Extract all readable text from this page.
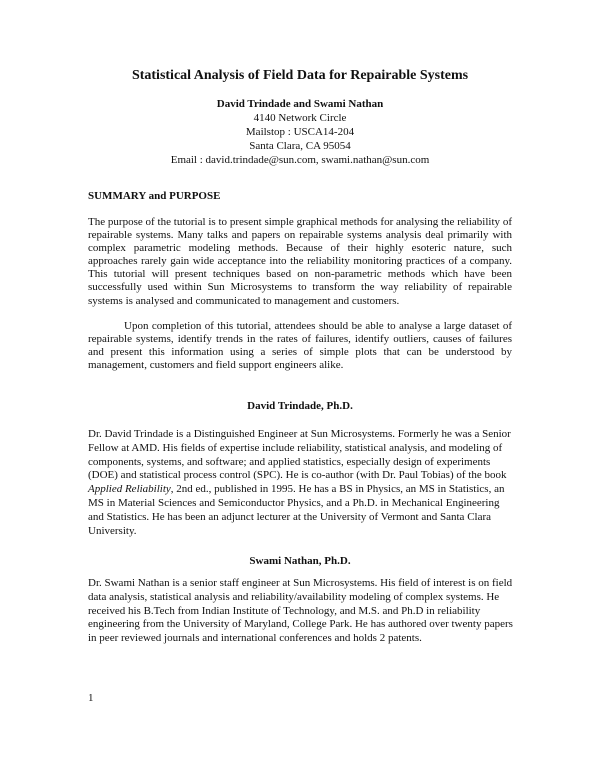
Statistical Analysis of Field Data for Repairable Systems
David Trindade and Swami Nathan
4140 Network Circle
Mailstop : USCA14-204
Santa Clara, CA 95054
Email : david.trindade@sun.com, swami.nathan@sun.com
SUMMARY and PURPOSE

The purpose of the tutorial is to present simple graphical methods for analysing the reliability of repairable systems. Many talks and papers on repairable systems analysis deal primarily with complex parametric modeling methods. Because of their highly esoteric nature, such approaches rarely gain wide acceptance into the reliability monitoring practices of a company. This tutorial will present techniques based on non-parametric methods which have been successfully used within Sun Microsystems to transform the way reliability of repairable systems is analysed and communicated to management and customers.

Upon completion of this tutorial, attendees should be able to analyse a large dataset of repairable systems, identify trends in the rates of failures, identify outliers, causes of failures and present this information using a series of simple plots that can be understood by management, customers and field support engineers alike.

David Trindade, Ph.D.

Dr. David Trindade is a Distinguished Engineer at Sun Microsystems. Formerly he was a Senior Fellow at AMD. His fields of expertise include reliability, statistical analysis, and modeling of components, systems, and software; and applied statistics, especially design of experiments (DOE) and statistical process control (SPC). He is co-author (with Dr. Paul Tobias) of the book Applied Reliability, 2nd ed., published in 1995. He has a BS in Physics, an MS in Statistics, an MS in Material Sciences and Semiconductor Physics, and a Ph.D. in Mechanical Engineering and Statistics. He has been an adjunct lecturer at the University of Vermont and Santa Clara University.

Swami Nathan, Ph.D.

Dr. Swami Nathan is a senior staff engineer at Sun Microsystems. His field of interest is on field data analysis, statistical analysis and reliability/availability modeling of complex systems. He received his B.Tech from Indian Institute of Technology, and M.S. and Ph.D in reliability engineering from the University of Maryland, College Park. He has authored over twenty papers in peer reviewed journals and international conferences and holds 2 patents.

1
